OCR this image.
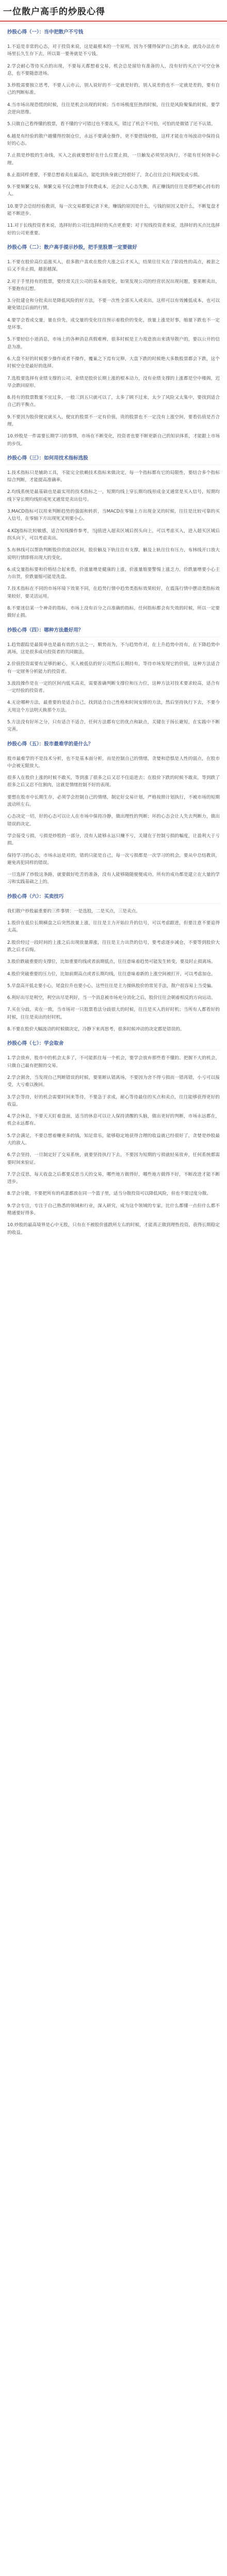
一位散户高手的炒股心得
抄股心得（一）：当中把散户不亏钱

1.不追是非常的心态，对于投资来说，这是最根本的一个原则，因为不懂得保护自己的本金，就没办法在市场里长久生存下去，所以第一要务就是不亏钱。

2.学会耐心等待买点的出现，不要每天都想着交易，机会总是留给有准备的人，没有好的买点宁可空仓休息，也不要随意进场。

3.炒股需要独立思考，不要人云亦云，别人说好的不一定就是好的，别人说差的也不一定就是差的，要有自己的判断标准。

4.当市场出现恐慌的时候，往往是机会出现的时候；当市场极度狂热的时候，往往是风险聚集的时候，要学会逆向思维。

5.只做自己看得懂的股票，看不懂的宁可错过也不要乱买，错过了机会不可怕，可怕的是做错了还不认错。

6.越是有经验的散户越懂得控制仓位，永远不要满仓操作，更不要借钱炒股，这样才能在市场波动中保持良好的心态。

7.止损是炒股的生命线，买入之前就要想好在什么位置止损，一旦触发必须坚决执行，不能有任何侥幸心理。

8.止盈同样重要，不要总想着卖在最高点，能吃到鱼身就已经很好了，贪心往往会让利润变成亏损。

9.不要频繁交易，频繁交易不仅会增加手续费成本，还会让人心态失衡，真正赚钱的往往是那些耐心持有的人。

10.要学会总结经验教训，每一次交易都要记录下来，赚钱的原因是什么，亏钱的原因又是什么，不断复盘才能不断进步。

11.对于长线投资者来说，选择好的公司比选择好的买点更重要；对于短线投资者来说，选择好的买点比选择好的公司更重要。

抄股心得（二）：散户高手提示抄股，把手里股票一定要做好

1.不要在股价高位追涨买入，很多散户喜欢在股价大涨之后才买入，结果往往买在了阶段性的高点，被套之后又不肯止损，越套越深。

2.对于手里持有的股票，要经常关注公司的基本面变化，如果发现公司的经营状况出现问题，要果断卖出，不要抱有幻想。

3.分批建仓和分批卖出是降低风险的好方法，不要一次性全部买入或卖出，这样可以有效摊低成本，也可以避免错过后面的行情。

4.要学会看成交量，量在价先，成交量的变化往往预示着股价的变化，放量上涨是好事，缩量下跌也不一定是坏事。

5.不要轻信小道消息，市场上的各种消息真假难辨，很多时候是主力故意放出来诱导散户的，要以公开的信息为准。

6.大盘不好的时候要少操作或者不操作，覆巢之下焉有完卵，大盘下跌的时候绝大多数股票都会下跌，这个时候空仓是最好的选择。

7.选股要选择有业绩支撑的公司，业绩是股价长期上涨的根本动力，没有业绩支撑的上涨都是空中楼阁，迟早会跌回原形。

8.持有的股票数量不宜过多，一般三到五只就可以了，太多了顾不过来，太少了风险又太集中，要找到适合自己的平衡点。

9.不要因为股价便宜就买入，便宜的股票不一定有价值，贵的股票也不一定没有上涨空间，要看估值是否合理。

10.炒股是一件需要长期学习的事情，市场在不断变化，投资者也要不断更新自己的知识体系，才能跟上市场的步伐。

抄股心得（三）：如何用技术指标选股

1.技术指标只是辅助工具，不能完全依赖技术指标来做决定，每一个指标都有它的局限性，要结合多个指标综合判断，才能提高准确率。

2.均线系统是最基础也是最实用的技术指标之一，短期均线上穿长期均线形成金叉通常是买入信号，短期均线下穿长期均线形成死叉通常是卖出信号。

3.MACD指标可以用来判断趋势的强弱和转折，当MACD在零轴上方出现金叉的时候，往往是比较可靠的买入信号，在零轴下方出现死叉则要小心。

4.KDJ指标比较敏感，适合短线操作参考，当J值进入超卖区域后拐头向上，可以考虑买入，进入超买区域后拐头向下，可以考虑卖出。

5.布林线可以帮助判断股价的波动区间，股价触及下轨往往有支撑，触及上轨往往有压力，布林线开口放大说明行情即将出现大的变化。

6.成交量指标要和价格结合起来看，价涨量增是健康的上涨，价涨量缩要警惕上涨乏力，价跌量增要小心主力出货，价跌量缩可能是洗盘。

7.技术指标在不同的市场环境下效果不同，在趋势行情中趋势类指标效果较好，在震荡行情中摆动类指标效果较好，要灵活运用。

8.不要迷信某一个神奇的指标，市场上没有百分之百准确的指标，任何指标都会有失效的时候，所以一定要做好止损。

抄股心得（四）：哪种方法最好用？

1.趋势跟踪是最简单也是最有效的方法之一，顺势而为，不与趋势作对，在上升趋势中持有，在下降趋势中离场，这是很多成功投资者的共同做法。

2.价值投资需要有足够的耐心，买入被低估的好公司然后长期持有，等待市场发现它的价值，这种方法适合有一定财务分析能力的投资者。

3.波段操作是在一定的区间内低买高卖，需要准确判断支撑位和压力位，这种方法对技术要求较高，适合有一定经验的投资者。

4.无论哪种方法，最重要的是适合自己，找到适合自己性格和时间安排的方法，然后坚持执行下去，不要今天用这个方法明天换那个方法。

5.方法没有好坏之分，只有适合不适合，任何方法都有它的优点和缺点，关键在于扬长避短，在实践中不断完善。

抄股心得（五）：股市最难学的是什么？

股市最难学的不是技术分析，也不是基本面分析，而是控制自己的情绪，贪婪和恐惧是人性的弱点，在股市中会被无限放大。

很多人在股价上涨的时候不敢买，等到涨了很多之后又忍不住追进去；在股价下跌的时候不敢卖，等到跌了很多之后又忍不住割肉，这就是情绪控制不好的表现。

要想在股市中长期生存，必须学会控制自己的情绪，制定好交易计划，严格按照计划执行，不被市场的短期波动所左右。

心态决定一切，好的心态可以让人在市场中保持冷静，做出理性的判断；坏的心态会让人失去判断力，做出错误的决定。

学会接受亏损，亏损是炒股的一部分，没有人能够永远只赚不亏，关键在于控制亏损的幅度，让盈利大于亏损。

保持学习的心态，市场永远是对的，错的只能是自己，每一次亏损都是一次学习的机会，要从中总结教训，避免再犯同样的错误。

一旦选择了炒股这条路，就要做好吃苦的准备，没有人能够随随便便成功，所有的成功都是建立在大量的学习和实践基础之上的。

抄股心得（六）：买卖技巧

我们散户炒股最重要的三件事情：一是选股，二是买点，三是卖点。

1.股价在低位长期横盘之后突然放量上涨，往往是主力开始拉升的信号，可以考虑跟进，但要注意不要追得太高。

2.股价经过一段时间的上涨之后出现放量滞涨，往往是主力出货的信号，要考虑逐步减仓，不要等到股价大跌之后才后悔。

3.股价跌破重要的支撑位，比如重要均线或者前期低点，往往意味着趋势可能发生转变，要及时止损离场。

4.股价突破重要的压力位，比如前期高点或者长期均线，往往意味着新的上涨空间被打开，可以考虑加仓。

5.早盘高开低走要小心，尾盘拉升也要小心，这些往往是主力操纵股价的常见手法，散户很容易上当受骗。

6.利好出尽是利空，利空出尽是利好，当一个消息被市场充分消化之后，股价往往会朝着相反的方向运动。

7.买在分歧，卖在一致，当市场对一只股票看法分歧很大的时候，往往是买入的好时机；当所有人都看好的时候，往往是卖出的好时机。

8.不要在股价大幅波动的时候做决定，冷静下来再思考，很多时候冲动的决定都是错误的。

抄股心得（七）：学会取舍

1.学会放弃，股市中的机会太多了，不可能抓住每一个机会，要学会放弃那些看不懂的、把握不大的机会，只做自己最有把握的交易。

2.学会割舍，当发现自己判断错误的时候，要果断认错离场，不要因为舍不得亏损而一错再错，小亏可以接受，大亏难以挽回。

3.学会等待，好的机会需要时间来等待，不要急于求成，耐心等待最佳的买点和卖点，往往能够获得更好的收益。

4.学会休息，不要天天盯着盘面，适当的休息可以让人保持清醒的头脑，做出更好的判断，市场永远都在，机会永远都有。

5.学会满足，不要总想着赚更多的钱，知足常乐，能够稳定地获得合理的收益就已经很好了，贪婪是炒股最大的敌人。

6.学会坚持，一旦制定好了交易系统，就要坚持执行下去，不要因为短期的亏损就轻易放弃，任何系统都需要时间来验证。

7.学会反思，每天收盘之后都要反思当天的交易，哪些地方做得好，哪些地方做得不好，不断改进才能不断进步。

8.学会分散，不要把所有的鸡蛋都放在同一个篮子里，适当分散投资可以降低风险，但也不要过度分散。

9.学会专注，专注于自己熟悉的领域和行业，深入研究，成为这个领域的专家，比什么都懂一点但什么都不精通要好得多。

10.炒股的最高境界是心中无股，只有在不被股价涨跌所左右的时候，才能真正做到理性投资，获得长期稳定的收益。
